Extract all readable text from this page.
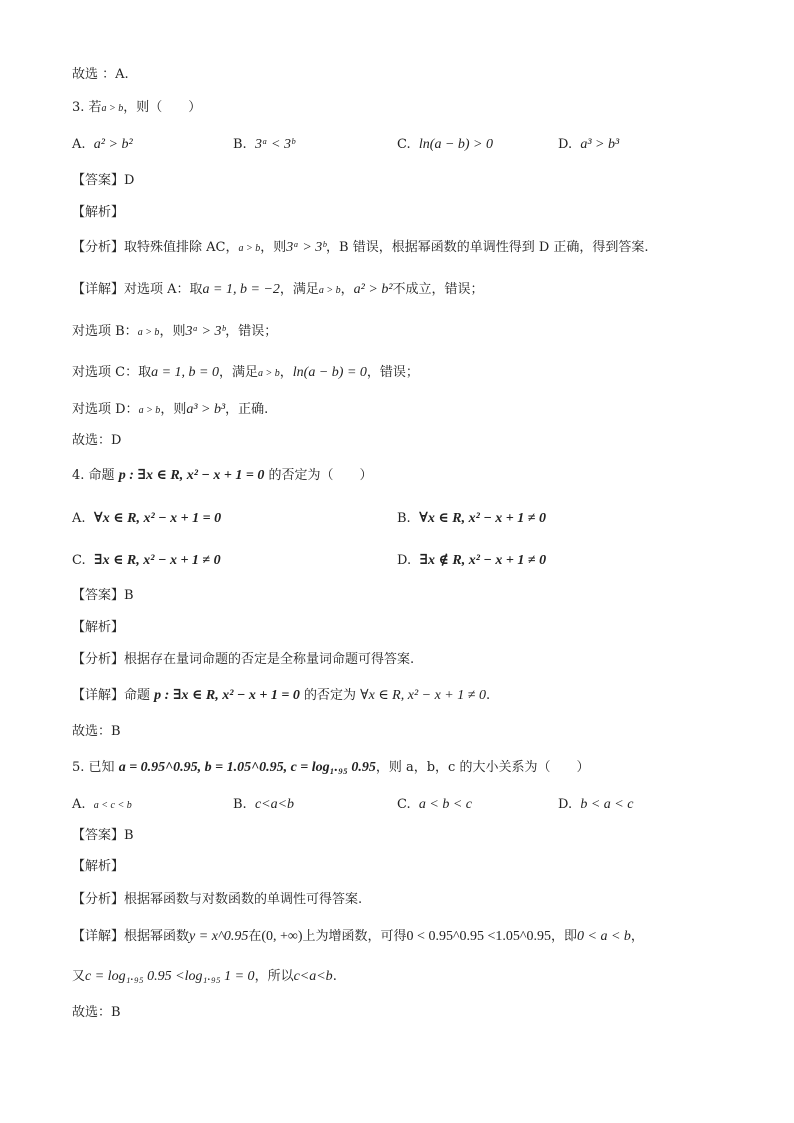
故选 ：A.
3. 若a > b，则（　　）
A. a² > b²	B. 3ᵃ < 3ᵇ	C. ln(a − b) > 0	D. a³ > b³
【答案】D
【解析】
【分析】取特殊值排除 AC，a > b，则3ᵃ > 3ᵇ，B 错误，根据幂函数的单调性得到 D 正确，得到答案.
【详解】对选项 A：取a = 1, b = −2，满足a > b，a² > b²不成立，错误；
对选项 B：a > b，则3ᵃ > 3ᵇ，错误；
对选项 C：取a = 1, b = 0，满足a > b，ln(a − b) = 0，错误；
对选项 D：a > b，则a³ > b³，正确.
故选：D
4. 命题 p : ∃x ∈ R, x² − x + 1 = 0 的否定为（　　）
A. ∀x ∈ R, x² − x + 1 = 0	B. ∀x ∈ R, x² − x + 1 ≠ 0
C. ∃x ∈ R, x² − x + 1 ≠ 0	D. ∃x ∉ R, x² − x + 1 ≠ 0
【答案】B
【解析】
【分析】根据存在量词命题的否定是全称量词命题可得答案.
【详解】命题 p : ∃x ∈ R, x² − x + 1 = 0 的否定为 ∀x ∈ R, x² − x + 1 ≠ 0.
故选：B
5. 已知 a = 0.95^0.95, b = 1.05^0.95, c = log₁.₉₅ 0.95，则 a，b，c 的大小关系为（　　）
A. a < c < b	B. c<a<b	C. a < b < c	D. b < a < c
【答案】B
【解析】
【分析】根据幂函数与对数函数的单调性可得答案.
【详解】根据幂函数y = x^0.95在(0, +∞)上为增函数，可得0 < 0.95^0.95 <1.05^0.95，即0 < a < b，
又c = log₁.₉₅ 0.95 <log₁.₉₅ 1 = 0，所以c<a<b.
故选：B
